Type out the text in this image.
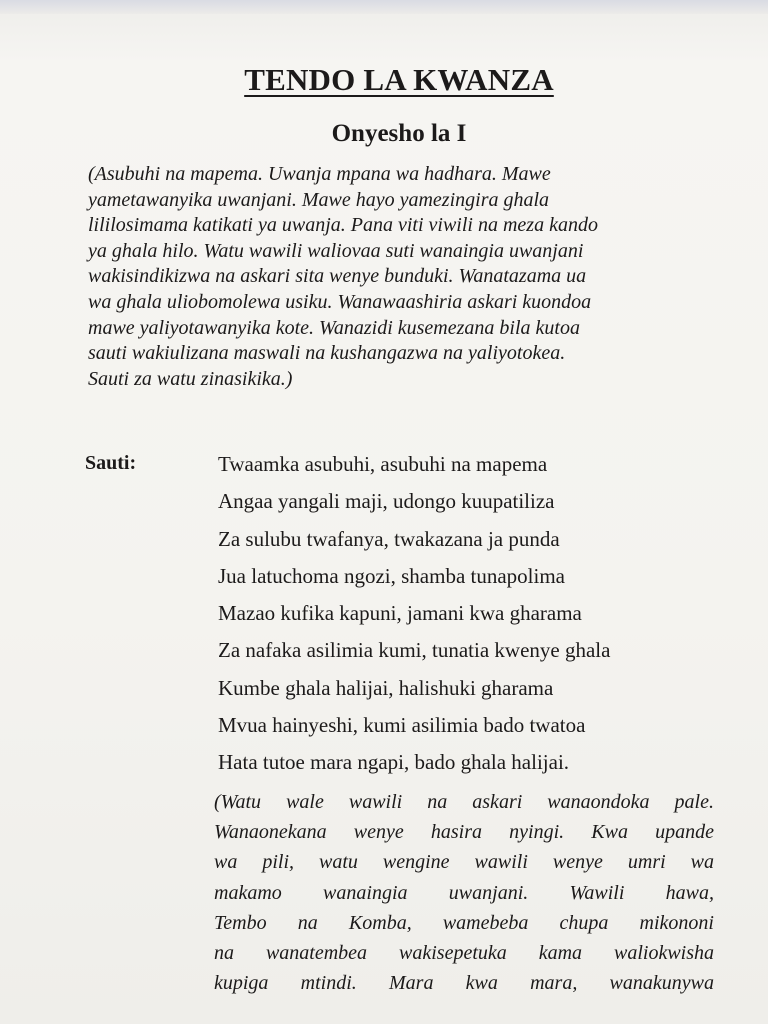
TENDO LA KWANZA
Onyesho la I
(Asubuhi na mapema. Uwanja mpana wa hadhara. Mawe
yametawanyika uwanjani. Mawe hayo yamezingira ghala
lililosimama katikati ya uwanja. Pana viti viwili na meza kando
ya ghala hilo. Watu wawili waliovaa suti wanaingia uwanjani
wakisindikizwa na askari sita wenye bunduki. Wanatazama ua
wa ghala uliobomolewa usiku. Wanawaashiria askari kuondoa
mawe yaliyotawanyika kote. Wanazidi kusemezana bila kutoa
sauti wakiulizana maswali na kushangazwa na yaliyotokea.
Sauti za watu zinasikika.)
Sauti:	Twaamka asubuhi, asubuhi na mapema
Angaa yangali maji, udongo kuupatiliza
Za sulubu twafanya, twakazana ja punda
Jua latuchoma ngozi, shamba tunapolima
Mazao kufika kapuni, jamani kwa gharama
Za nafaka asilimia kumi, tunatia kwenye ghala
Kumbe ghala halijai, halishuki gharama
Mvua hainyeshi, kumi asilimia bado twatoa
Hata tutoe mara ngapi, bado ghala halijai.
(Watu wale wawili na askari wanaondoka pale.
Wanaonekana wenye hasira nyingi. Kwa upande
wa pili, watu wengine wawili wenye umri wa
makamo wanaingia uwanjani. Wawili hawa,
Tembo na Komba, wamebeba chupa mikononi
na wanatembea wakisepetuka kama waliokwisha
kupiga mtindi. Mara kwa mara, wanakunywa
